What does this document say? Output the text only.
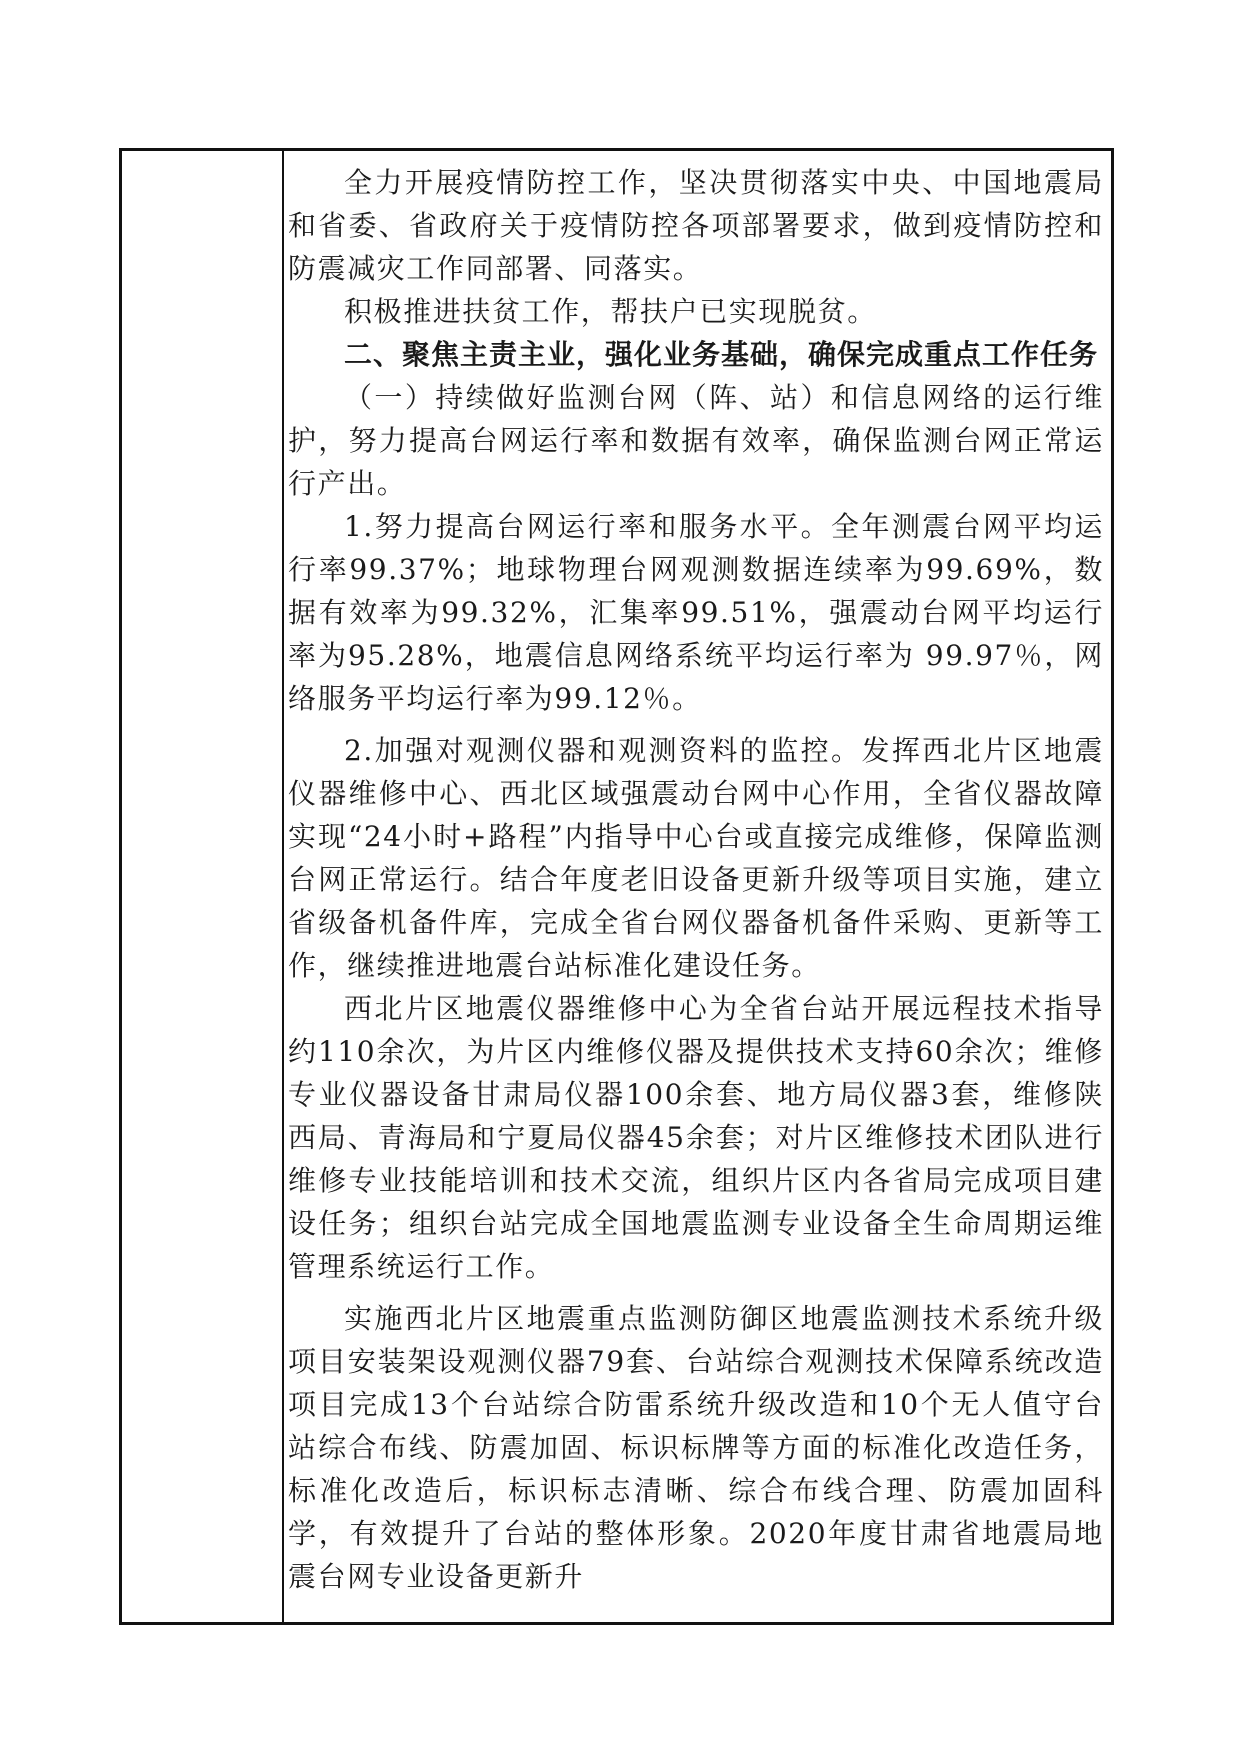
全力开展疫情防控工作，坚决贯彻落实中央、中国地震局和省委、省政府关于疫情防控各项部署要求，做到疫情防控和防震减灾工作同部署、同落实。

积极推进扶贫工作，帮扶户已实现脱贫。

二、聚焦主责主业，强化业务基础，确保完成重点工作任务

（一）持续做好监测台网（阵、站）和信息网络的运行维护，努力提高台网运行率和数据有效率，确保监测台网正常运行产出。

1.努力提高台网运行率和服务水平。全年测震台网平均运行率99.37%；地球物理台网观测数据连续率为99.69%，数据有效率为99.32%，汇集率99.51%，强震动台网平均运行率为95.28%，地震信息网络系统平均运行率为 99.97％，网络服务平均运行率为99.12％。

2.加强对观测仪器和观测资料的监控。发挥西北片区地震仪器维修中心、西北区域强震动台网中心作用，全省仪器故障实现“24小时+路程”内指导中心台或直接完成维修，保障监测台网正常运行。结合年度老旧设备更新升级等项目实施，建立省级备机备件库，完成全省台网仪器备机备件采购、更新等工作，继续推进地震台站标准化建设任务。

西北片区地震仪器维修中心为全省台站开展远程技术指导约110余次，为片区内维修仪器及提供技术支持60余次；维修专业仪器设备甘肃局仪器100余套、地方局仪器3套，维修陕西局、青海局和宁夏局仪器45余套；对片区维修技术团队进行维修专业技能培训和技术交流，组织片区内各省局完成项目建设任务；组织台站完成全国地震监测专业设备全生命周期运维管理系统运行工作。

实施西北片区地震重点监测防御区地震监测技术系统升级项目安装架设观测仪器79套、台站综合观测技术保障系统改造项目完成13个台站综合防雷系统升级改造和10个无人值守台站综合布线、防震加固、标识标牌等方面的标准化改造任务，标准化改造后，标识标志清晰、综合布线合理、防震加固科学，有效提升了台站的整体形象。2020年度甘肃省地震局地震台网专业设备更新升
